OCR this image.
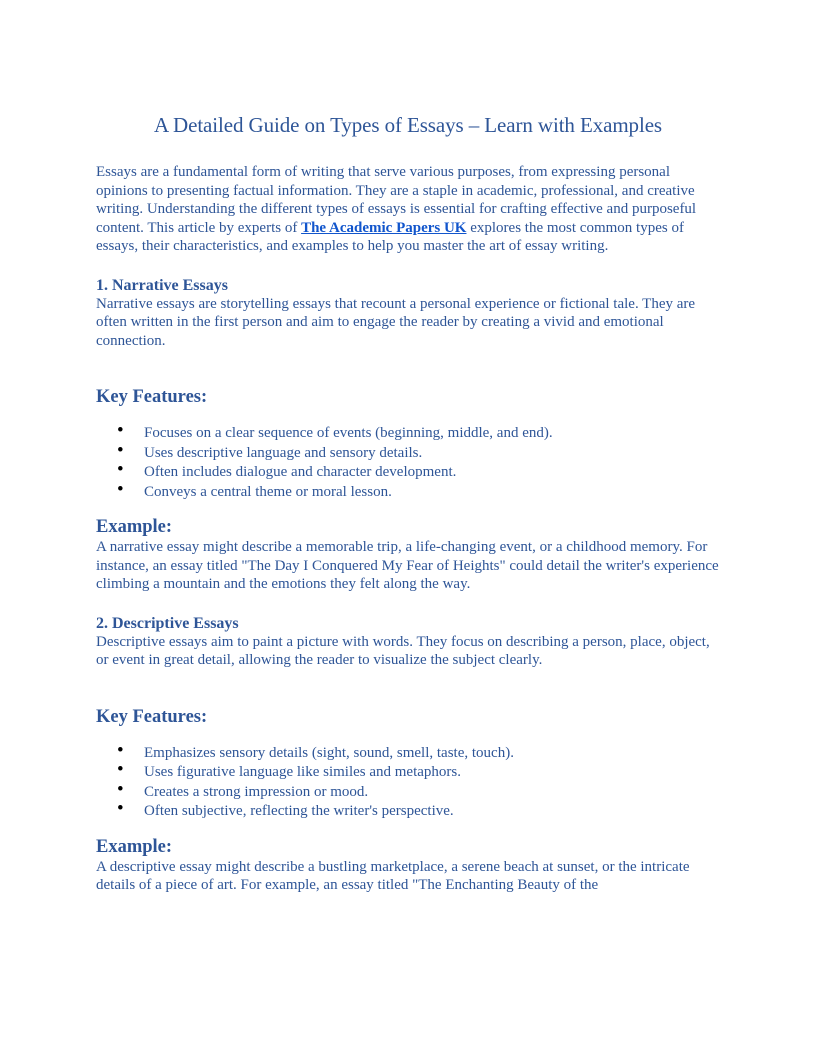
A Detailed Guide on Types of Essays – Learn with Examples

Essays are a fundamental form of writing that serve various purposes, from expressing personal opinions to presenting factual information. They are a staple in academic, professional, and creative writing. Understanding the different types of essays is essential for crafting effective and purposeful content. This article by experts of The Academic Papers UK explores the most common types of essays, their characteristics, and examples to help you master the art of essay writing.

1. Narrative Essays

Narrative essays are storytelling essays that recount a personal experience or fictional tale. They are often written in the first person and aim to engage the reader by creating a vivid and emotional connection.

Key Features:
• Focuses on a clear sequence of events (beginning, middle, and end).
• Uses descriptive language and sensory details.
• Often includes dialogue and character development.
• Conveys a central theme or moral lesson.
Example:

A narrative essay might describe a memorable trip, a life-changing event, or a childhood memory. For instance, an essay titled "The Day I Conquered My Fear of Heights" could detail the writer's experience climbing a mountain and the emotions they felt along the way.

2. Descriptive Essays

Descriptive essays aim to paint a picture with words. They focus on describing a person, place, object, or event in great detail, allowing the reader to visualize the subject clearly.

Key Features:
• Emphasizes sensory details (sight, sound, smell, taste, touch).
• Uses figurative language like similes and metaphors.
• Creates a strong impression or mood.
• Often subjective, reflecting the writer's perspective.
Example:

A descriptive essay might describe a bustling marketplace, a serene beach at sunset, or the intricate details of a piece of art. For example, an essay titled "The Enchanting Beauty of the
